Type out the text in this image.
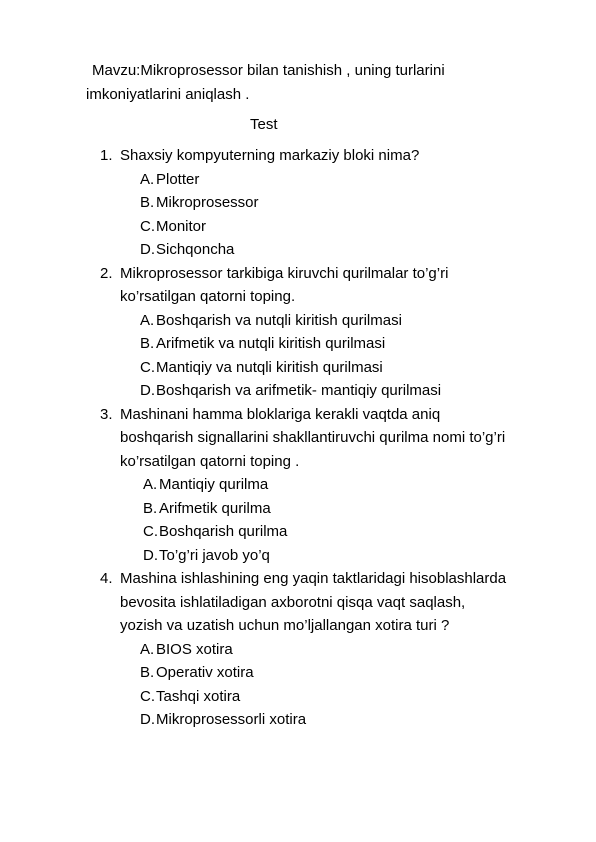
Mavzu:Mikroprosessor bilan tanishish , uning turlarini
imkoniyatlarini aniqlash .
Test
1. Shaxsiy kompyuterning markaziy bloki nima?
A. Plotter
B. Mikroprosessor
C. Monitor
D. Sichqoncha
2. Mikroprosessor tarkibiga kiruvchi qurilmalar to’g’ri
ko’rsatilgan qatorni toping.
A. Boshqarish va nutqli kiritish qurilmasi
B. Arifmetik va nutqli kiritish qurilmasi
C. Mantiqiy va nutqli kiritish qurilmasi
D. Boshqarish va arifmetik- mantiqiy qurilmasi
3. Mashinani hamma bloklariga kerakli vaqtda aniq
boshqarish signallarini shakllantiruvchi qurilma nomi to’g’ri
ko’rsatilgan qatorni toping .
A. Mantiqiy qurilma
B. Arifmetik qurilma
C. Boshqarish qurilma
D. To’g’ri javob yo’q
4. Mashina ishlashining eng yaqin taktlaridagi hisoblashlarda
bevosita ishlatiladigan axborotni qisqa vaqt saqlash,
yozish va uzatish uchun mo’ljallangan xotira turi ?
A. BIOS xotira
B. Operativ xotira
C. Tashqi xotira
D. Mikroprosessorli xotira
